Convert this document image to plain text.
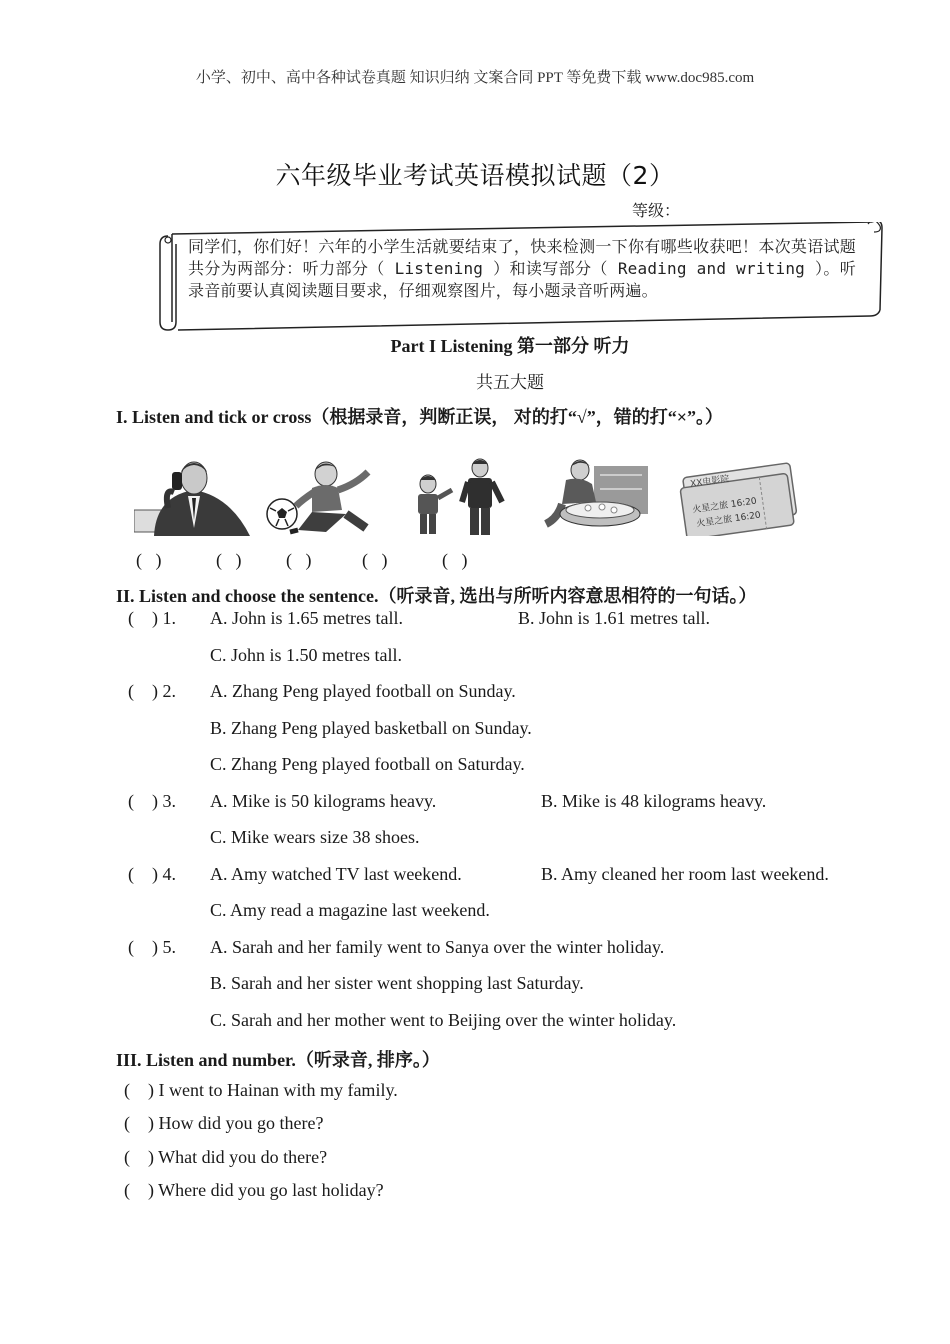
小学、初中、高中各种试卷真题 知识归纳 文案合同 PPT 等免费下载 www.doc985.com
六年级毕业考试英语模拟试题（2）
等级：
同学们，你们好！六年的小学生活就要结束了，快来检测一下你有哪些收获吧！本次英语试题共分为两部分：听力部分（ Listening ）和读写部分（ Reading and writing ）。听录音前要认真阅读题目要求，仔细观察图片，每小题录音听两遍。
Part I Listening 第一部分 听力
共五大题
I. Listen and tick or cross（根据录音，判断正误， 对的打“√”，错的打“×”。）
XX电影院
火星之旅 16:20
火星之旅 16:20
(   )	(   ) (   )	(   )	(   )
II. Listen and choose the sentence.（听录音, 选出与所听内容意思相符的一句话。）
(    ) 1. A. John is 1.65 metres tall.	B. John is 1.61 metres tall.
C. John is 1.50 metres tall.
(    ) 2. A. Zhang Peng played football on Sunday.
B. Zhang Peng played basketball on Sunday.
C. Zhang Peng played football on Saturday.
(    ) 3. A. Mike is 50 kilograms heavy.	B. Mike is 48 kilograms heavy.
C. Mike wears size 38 shoes.
(    ) 4. A. Amy watched TV last weekend.	B. Amy cleaned her room last weekend.
C. Amy read a magazine last weekend.
(    ) 5. A. Sarah and her family went to Sanya over the winter holiday.
B. Sarah and her sister went shopping last Saturday.
C. Sarah and her mother went to Beijing over the winter holiday.
III. Listen and number.（听录音, 排序。）
(    ) I went to Hainan with my family.
(    ) How did you go there?
(    ) What did you do there?
(    ) Where did you go last holiday?
